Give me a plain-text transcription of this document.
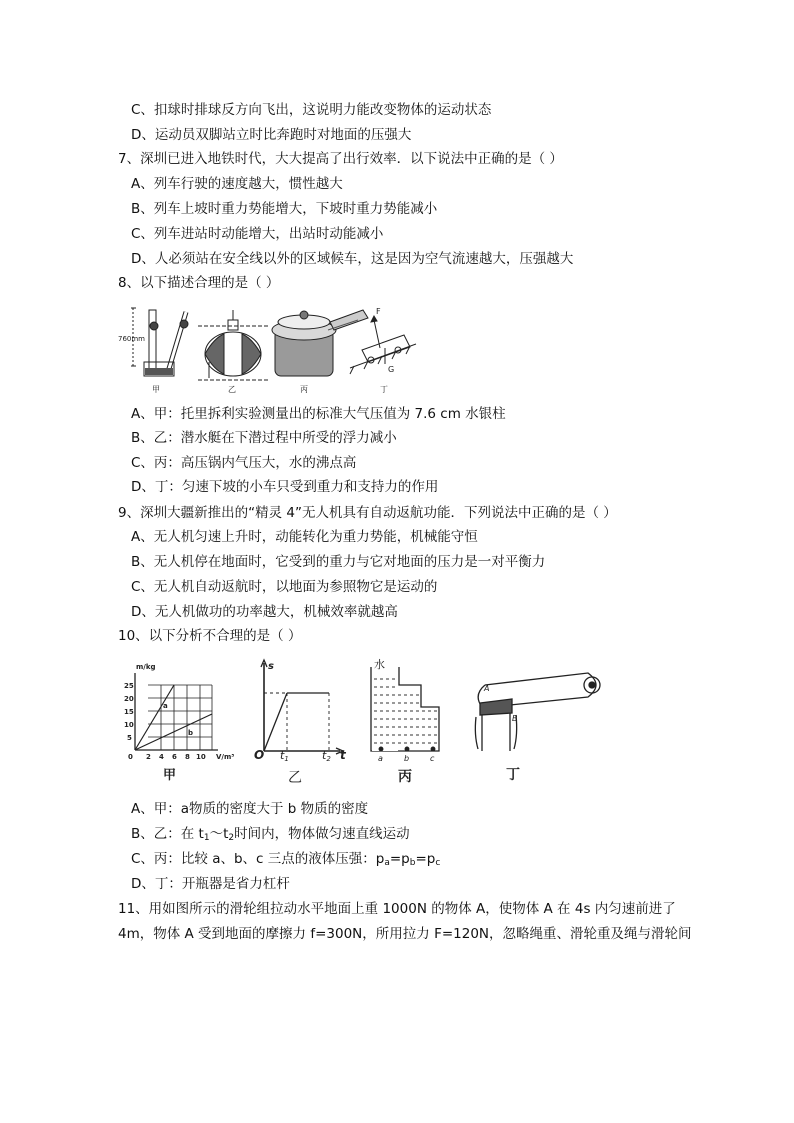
C、扣球时排球反方向飞出，这说明力能改变物体的运动状态
D、运动员双脚站立时比奔跑时对地面的压强大
7、深圳已进入地铁时代，大大提高了出行效率．以下说法中正确的是（ ）
A、列车行驶的速度越大，惯性越大
B、列车上坡时重力势能增大，下坡时重力势能减小
C、列车进站时动能增大，出站时动能减小
D、人必须站在安全线以外的区域候车，这是因为空气流速越大，压强越大
8、以下描述合理的是（ ）
760mm
甲	乙	丙
F
G
丁
A、甲：托里拆利实验测量出的标准大气压值为 7.6 cm 水银柱
B、乙：潜水艇在下潜过程中所受的浮力减小
C、丙：高压锅内气压大，水的沸点高
D、丁：匀速下坡的小车只受到重力和支持力的作用
9、深圳大疆新推出的“精灵 4”无人机具有自动返航功能．下列说法中正确的是（ ）
A、无人机匀速上升时，动能转化为重力势能，机械能守恒
B、无人机停在地面时，它受到的重力与它对地面的压力是一对平衡力
C、无人机自动返航时，以地面为参照物它是运动的
D、无人机做功的功率越大，机械效率就越高
10、以下分析不合理的是（ ）
m/kg
V/m³
25
20
15
10
5
0 2 4 6 8 10
a
b
甲
s
O t1	t2 t
乙
水
a	b	c
丙
A
B
丁
A、甲：a物质的密度大于 b 物质的密度
B、乙：在 $t_1\sim t_2$时间内，物体做匀速直线运动
C、丙：比较 a、b、c 三点的液体压强：$p_a=p_b=p_c$
D、丁：开瓶器是省力杠杆
11、用如图所示的滑轮组拉动水平地面上重 1000N 的物体 A，使物体 A 在 4s 内匀速前进了
4m，物体 A 受到地面的摩擦力 f=300N，所用拉力 F=120N，忽略绳重、滑轮重及绳与滑轮间
